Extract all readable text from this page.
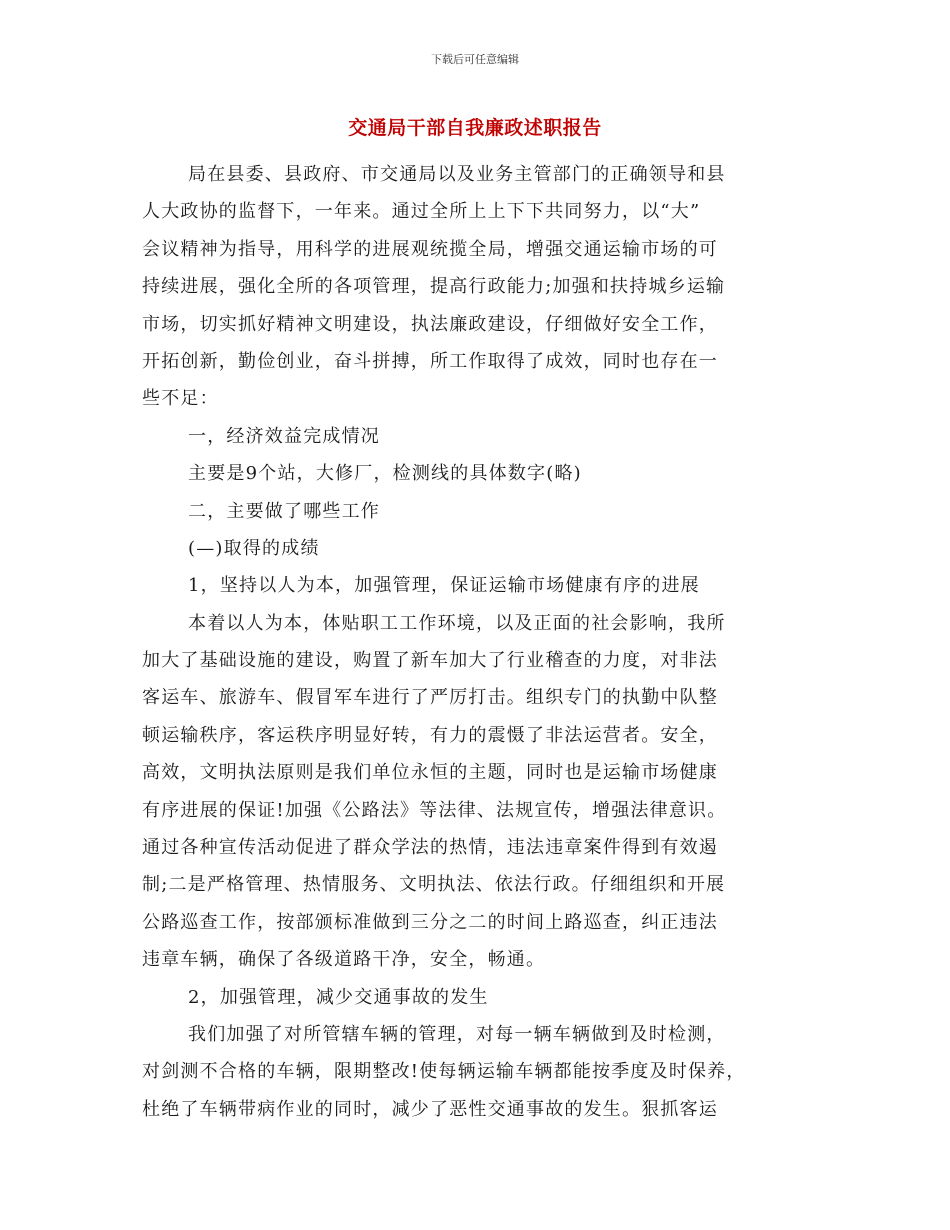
下载后可任意编辑
交通局干部自我廉政述职报告
局在县委、县政府、市交通局以及业务主管部门的正确领导和县
人大政协的监督下，一年来。通过全所上上下下共同努力，以“大”
会议精神为指导，用科学的进展观统揽全局，增强交通运输市场的可
持续进展，强化全所的各项管理，提高行政能力;加强和扶持城乡运输
市场，切实抓好精神文明建设，执法廉政建设，仔细做好安全工作，
开拓创新，勤俭创业，奋斗拼搏，所工作取得了成效，同时也存在一
些不足：
一，经济效益完成情况
主要是9个站，大修厂，检测线的具体数字(略)
二，主要做了哪些工作
(—)取得的成绩
1，坚持以人为本，加强管理，保证运输市场健康有序的进展
本着以人为本，体贴职工工作环境，以及正面的社会影响，我所
加大了基础设施的建设，购置了新车加大了行业稽查的力度，对非法
客运车、旅游车、假冒军车进行了严厉打击。组织专门的执勤中队整
顿运输秩序，客运秩序明显好转，有力的震慑了非法运营者。安全，
高效，文明执法原则是我们单位永恒的主题，同时也是运输市场健康
有序进展的保证!加强《公路法》等法律、法规宣传，增强法律意识。
通过各种宣传活动促进了群众学法的热情，违法违章案件得到有效遏
制;二是严格管理、热情服务、文明执法、依法行政。仔细组织和开展
公路巡查工作，按部颁标准做到三分之二的时间上路巡查，纠正违法
违章车辆，确保了各级道路干净，安全，畅通。
2，加强管理，减少交通事故的发生
我们加强了对所管辖车辆的管理，对每一辆车辆做到及时检测，
对剑测不合格的车辆，限期整改!使每辆运输车辆都能按季度及时保养，
杜绝了车辆带病作业的同时，减少了恶性交通事故的发生。狠抓客运
